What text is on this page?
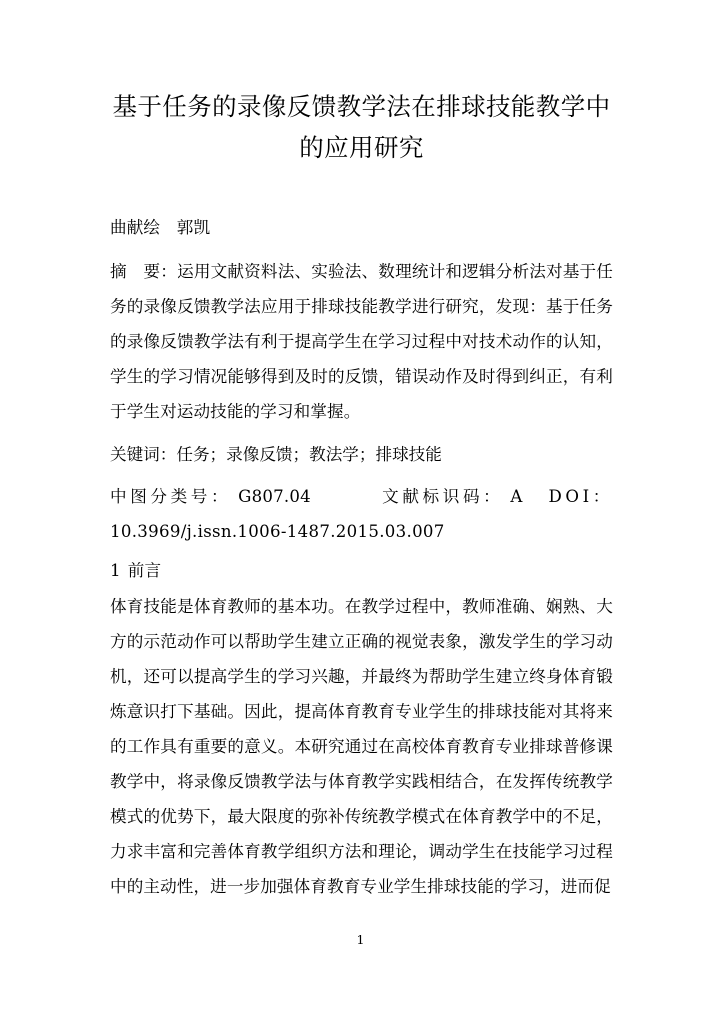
基于任务的录像反馈教学法在排球技能教学中的应用研究
曲献绘　郭凯
摘　要：运用文献资料法、实验法、数理统计和逻辑分析法对基于任务的录像反馈教学法应用于排球技能教学进行研究，发现：基于任务的录像反馈教学法有利于提高学生在学习过程中对技术动作的认知，学生的学习情况能够得到及时的反馈，错误动作及时得到纠正，有利于学生对运动技能的学习和掌握。
关键词：任务；录像反馈；教法学；排球技能
中图分类号： G807.04	文献标识码： A DOI：
10.3969/j.issn.1006-1487.2015.03.007
1 前言
体育技能是体育教师的基本功。在教学过程中，教师准确、娴熟、大方的示范动作可以帮助学生建立正确的视觉表象，激发学生的学习动机，还可以提高学生的学习兴趣，并最终为帮助学生建立终身体育锻炼意识打下基础。因此，提高体育教育专业学生的排球技能对其将来的工作具有重要的意义。本研究通过在高校体育教育专业排球普修课教学中，将录像反馈教学法与体育教学实践相结合，在发挥传统教学模式的优势下，最大限度的弥补传统教学模式在体育教学中的不足，力求丰富和完善体育教学组织方法和理论，调动学生在技能学习过程中的主动性，进一步加强体育教育专业学生排球技能的学习，进而促
1
